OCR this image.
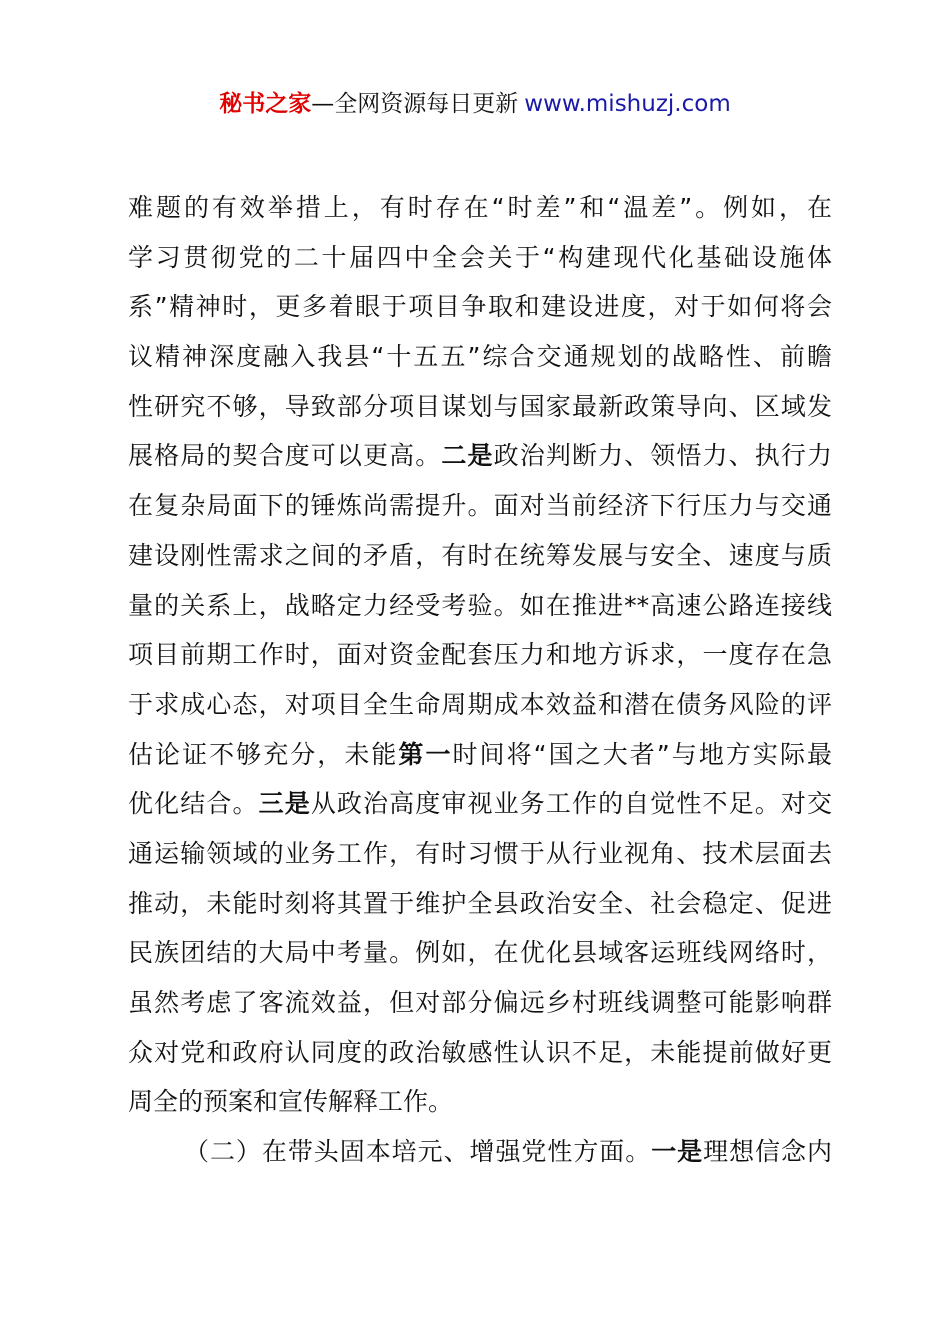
秘书之家—全网资源每日更新 www.mishuzj.com
难题的有效举措上，有时存在“时差”和“温差”。例如，在
学习贯彻党的二十届四中全会关于“构建现代化基础设施体
系”精神时，更多着眼于项目争取和建设进度，对于如何将会
议精神深度融入我县“十五五”综合交通规划的战略性、前瞻
性研究不够，导致部分项目谋划与国家最新政策导向、区域发
展格局的契合度可以更高。二是政治判断力、领悟力、执行力
在复杂局面下的锤炼尚需提升。面对当前经济下行压力与交通
建设刚性需求之间的矛盾，有时在统筹发展与安全、速度与质
量的关系上，战略定力经受考验。如在推进**高速公路连接线
项目前期工作时，面对资金配套压力和地方诉求，一度存在急
于求成心态，对项目全生命周期成本效益和潜在债务风险的评
估论证不够充分，未能第一时间将“国之大者”与地方实际最
优化结合。三是从政治高度审视业务工作的自觉性不足。对交
通运输领域的业务工作，有时习惯于从行业视角、技术层面去
推动，未能时刻将其置于维护全县政治安全、社会稳定、促进
民族团结的大局中考量。例如，在优化县域客运班线网络时，
虽然考虑了客流效益，但对部分偏远乡村班线调整可能影响群
众对党和政府认同度的政治敏感性认识不足，未能提前做好更
周全的预案和宣传解释工作。
（二）在带头固本培元、增强党性方面。一是理想信念内
